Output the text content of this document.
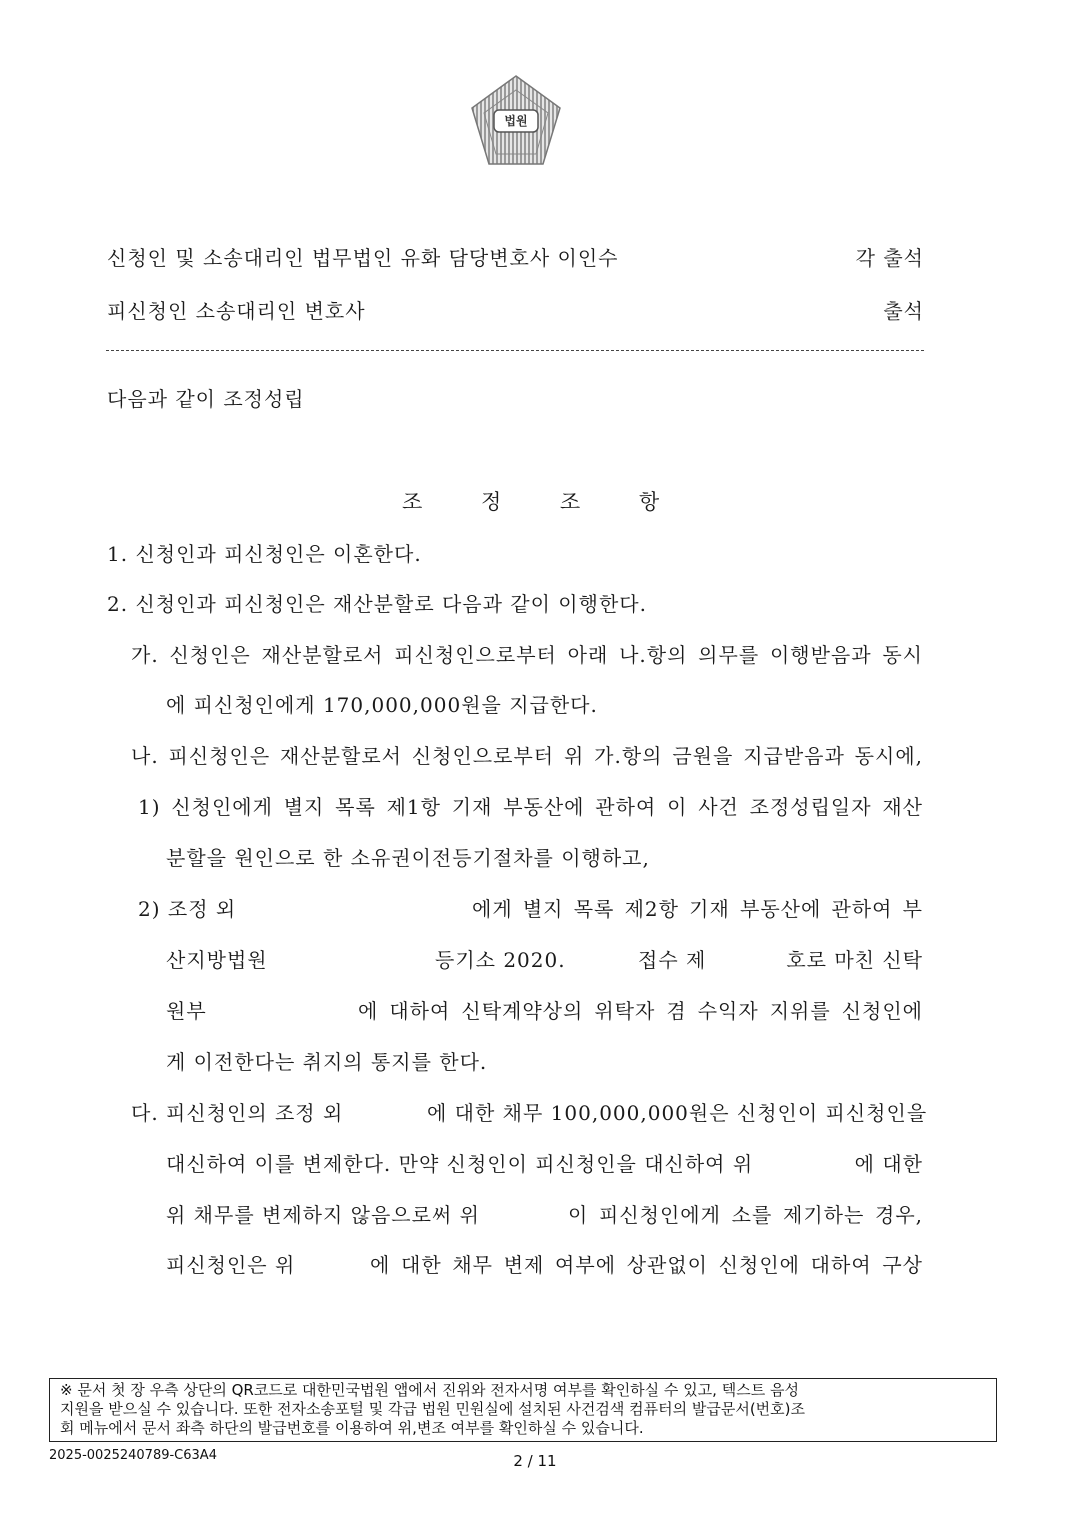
법원
신청인 및 소송대리인 법무법인 유화 담당변호사 이인수	각 출석
피신청인 소송대리인 변호사	출석
다음과 같이 조정성립
조 정 조 항
1. 신청인과 피신청인은 이혼한다.
2. 신청인과 피신청인은 재산분할로 다음과 같이 이행한다.
가. 신청인은 재산분할로서 피신청인으로부터 아래 나.항의 의무를 이행받음과 동시
에 피신청인에게 170,000,000원을 지급한다.
나. 피신청인은 재산분할로서 신청인으로부터 위 가.항의 금원을 지급받음과 동시에,
1) 신청인에게 별지 목록 제1항 기재 부동산에 관하여 이 사건 조정성립일자 재산
분할을 원인으로 한 소유권이전등기절차를 이행하고,
2) 조정 외	에게 별지 목록 제2항 기재 부동산에 관하여 부
산지방법원	등기소 2020.	접수 제	호로 마친 신탁
원부	에 대하여 신탁계약상의 위탁자 겸 수익자 지위를 신청인에
게 이전한다는 취지의 통지를 한다.
다. 피신청인의 조정 외	에 대한 채무 100,000,000원은 신청인이 피신청인을
대신하여 이를 변제한다. 만약 신청인이 피신청인을 대신하여 위	에 대한
위 채무를 변제하지 않음으로써 위	이 피신청인에게 소를 제기하는 경우,
피신청인은 위	에 대한 채무 변제 여부에 상관없이 신청인에 대하여 구상
※ 문서 첫 장 우측 상단의 QR코드로 대한민국법원 앱에서 진위와 전자서명 여부를 확인하실 수 있고, 텍스트 음성
지원을 받으실 수 있습니다. 또한 전자소송포털 및 각급 법원 민원실에 설치된 사건검색 컴퓨터의 발급문서(번호)조
회 메뉴에서 문서 좌측 하단의 발급번호를 이용하여 위,변조 여부를 확인하실 수 있습니다.
2025-0025240789-C63A4	2 / 11
